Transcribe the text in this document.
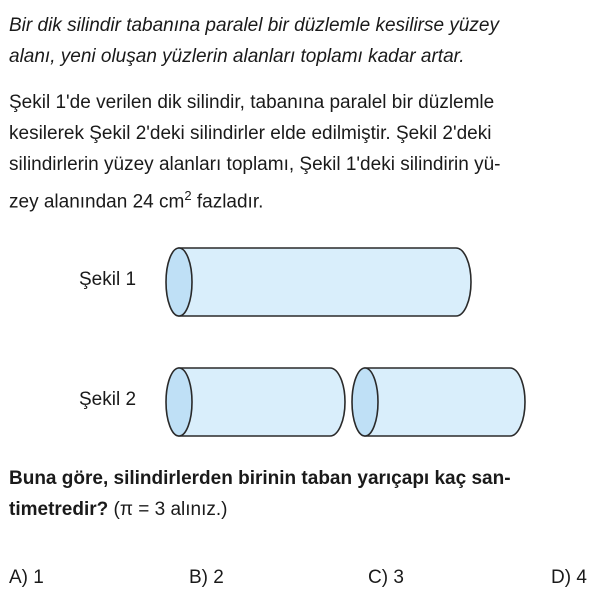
Bir dik silindir tabanına paralel bir düzlemle kesilirse yüzey
alanı, yeni oluşan yüzlerin alanları toplamı kadar artar.
Şekil 1'de verilen dik silindir, tabanına paralel bir düzlemle
kesilerek Şekil 2'deki silindirler elde edilmiştir. Şekil 2'deki
silindirlerin yüzey alanları toplamı, Şekil 1'deki silindirin yü-
zey alanından 24 $cm^2$ fazladır.
Şekil 1
Şekil 2
Buna göre, silindirlerden birinin taban yarıçapı kaç san-
timetredir? (π = 3 alınız.)
A) 1	B) 2	C) 3	D) 4
